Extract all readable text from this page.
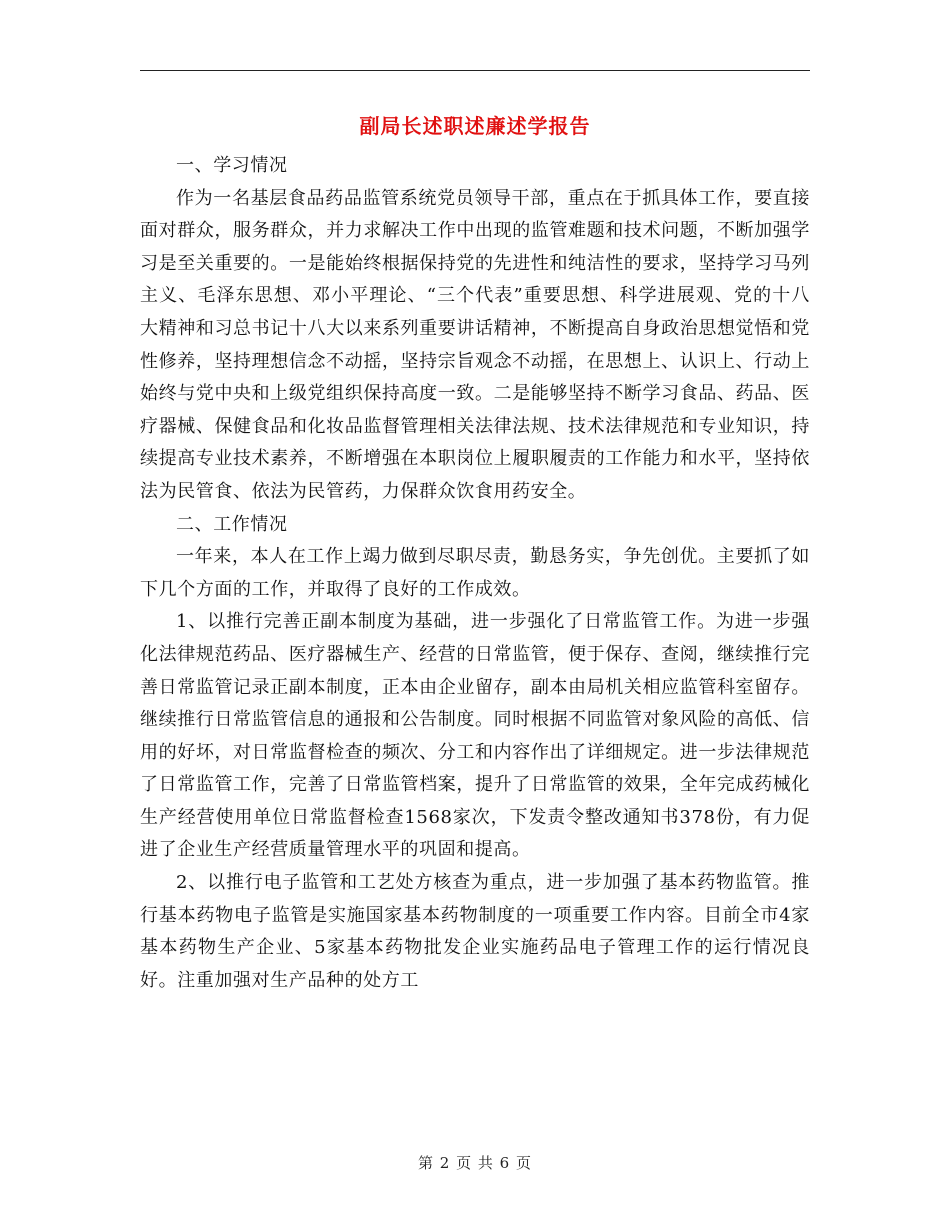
副局长述职述廉述学报告

一、学习情况

作为一名基层食品药品监管系统党员领导干部，重点在于抓具体工作，要直接面对群众，服务群众，并力求解决工作中出现的监管难题和技术问题，不断加强学习是至关重要的。一是能始终根据保持党的先进性和纯洁性的要求，坚持学习马列主义、毛泽东思想、邓小平理论、“三个代表”重要思想、科学进展观、党的十八大精神和习总书记十八大以来系列重要讲话精神，不断提高自身政治思想觉悟和党性修养，坚持理想信念不动摇，坚持宗旨观念不动摇，在思想上、认识上、行动上始终与党中央和上级党组织保持高度一致。二是能够坚持不断学习食品、药品、医疗器械、保健食品和化妆品监督管理相关法律法规、技术法律规范和专业知识，持续提高专业技术素养，不断增强在本职岗位上履职履责的工作能力和水平，坚持依法为民管食、依法为民管药，力保群众饮食用药安全。

二、工作情况

一年来，本人在工作上竭力做到尽职尽责，勤恳务实，争先创优。主要抓了如下几个方面的工作，并取得了良好的工作成效。

1、以推行完善正副本制度为基础，进一步强化了日常监管工作。为进一步强化法律规范药品、医疗器械生产、经营的日常监管，便于保存、查阅，继续推行完善日常监管记录正副本制度，正本由企业留存，副本由局机关相应监管科室留存。继续推行日常监管信息的通报和公告制度。同时根据不同监管对象风险的高低、信用的好坏，对日常监督检查的频次、分工和内容作出了详细规定。进一步法律规范了日常监管工作，完善了日常监管档案，提升了日常监管的效果，全年完成药械化生产经营使用单位日常监督检查1568家次，下发责令整改通知书378份，有力促进了企业生产经营质量管理水平的巩固和提高。

2、以推行电子监管和工艺处方核查为重点，进一步加强了基本药物监管。推行基本药物电子监管是实施国家基本药物制度的一项重要工作内容。目前全市4家基本药物生产企业、5家基本药物批发企业实施药品电子管理工作的运行情况良好。注重加强对生产品种的处方工

第 2 页 共 6 页
